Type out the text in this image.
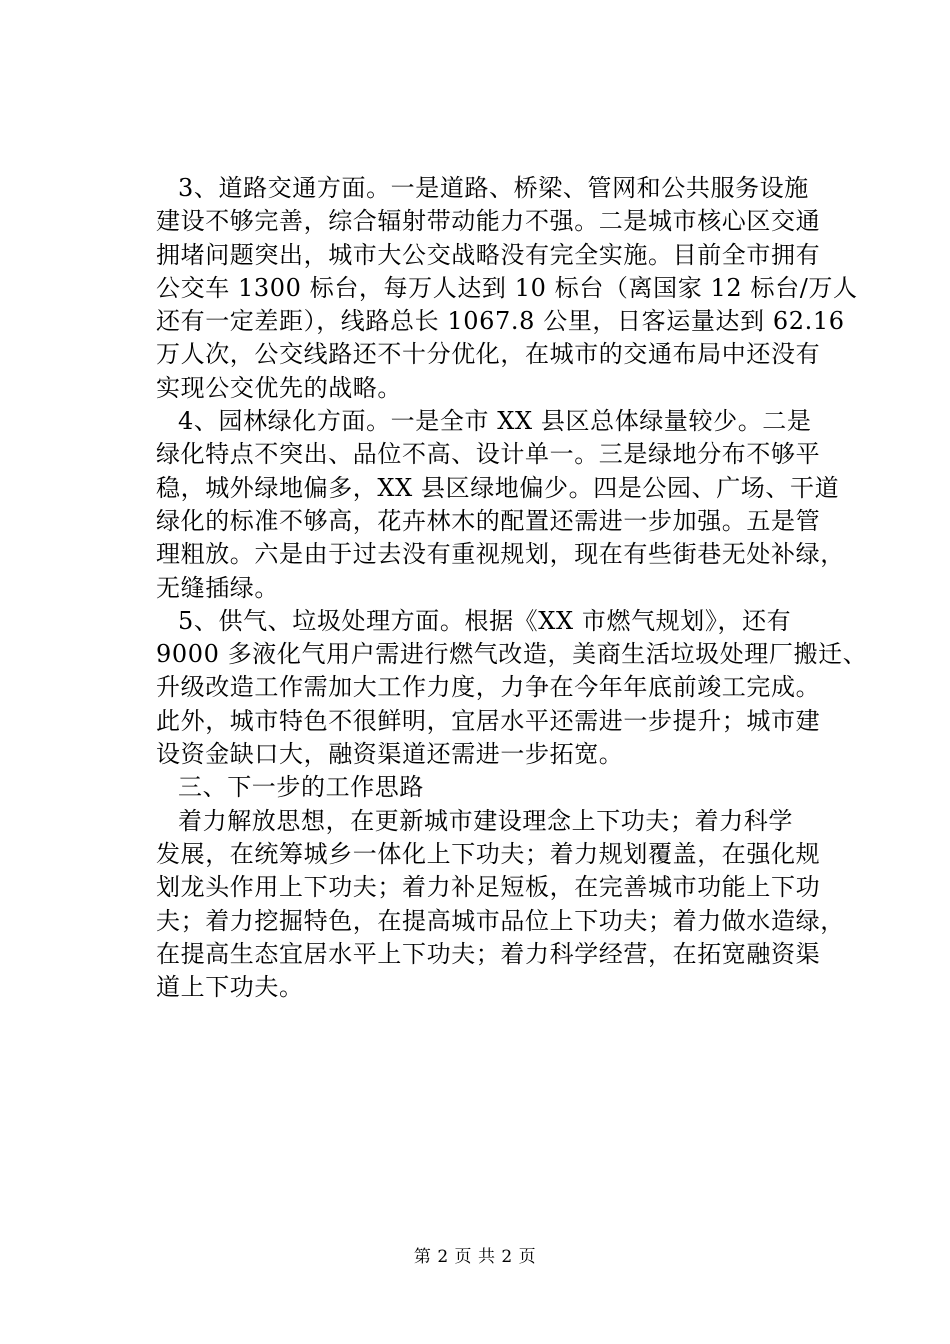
3、道路交通方面。一是道路、桥梁、管网和公共服务设施
建设不够完善，综合辐射带动能力不强。二是城市核心区交通
拥堵问题突出，城市大公交战略没有完全实施。目前全市拥有
公交车 1300 标台，每万人达到 10 标台（离国家 12 标台/万人
还有一定差距），线路总长 1067.8 公里，日客运量达到 62.16
万人次，公交线路还不十分优化，在城市的交通布局中还没有
实现公交优先的战略。
4、园林绿化方面。一是全市 XX 县区总体绿量较少。二是
绿化特点不突出、品位不高、设计单一。三是绿地分布不够平
稳，城外绿地偏多，XX 县区绿地偏少。四是公园、广场、干道
绿化的标准不够高，花卉林木的配置还需进一步加强。五是管
理粗放。六是由于过去没有重视规划，现在有些街巷无处补绿，
无缝插绿。
5、供气、垃圾处理方面。根据《XX 市燃气规划》，还有
9000 多液化气用户需进行燃气改造，美商生活垃圾处理厂搬迁、
升级改造工作需加大工作力度，力争在今年年底前竣工完成。
此外，城市特色不很鲜明，宜居水平还需进一步提升；城市建
设资金缺口大，融资渠道还需进一步拓宽。
三、下一步的工作思路
着力解放思想，在更新城市建设理念上下功夫；着力科学
发展，在统筹城乡一体化上下功夫；着力规划覆盖，在强化规
划龙头作用上下功夫；着力补足短板，在完善城市功能上下功
夫；着力挖掘特色，在提高城市品位上下功夫；着力做水造绿，
在提高生态宜居水平上下功夫；着力科学经营，在拓宽融资渠
道上下功夫。
第 2 页 共 2 页
